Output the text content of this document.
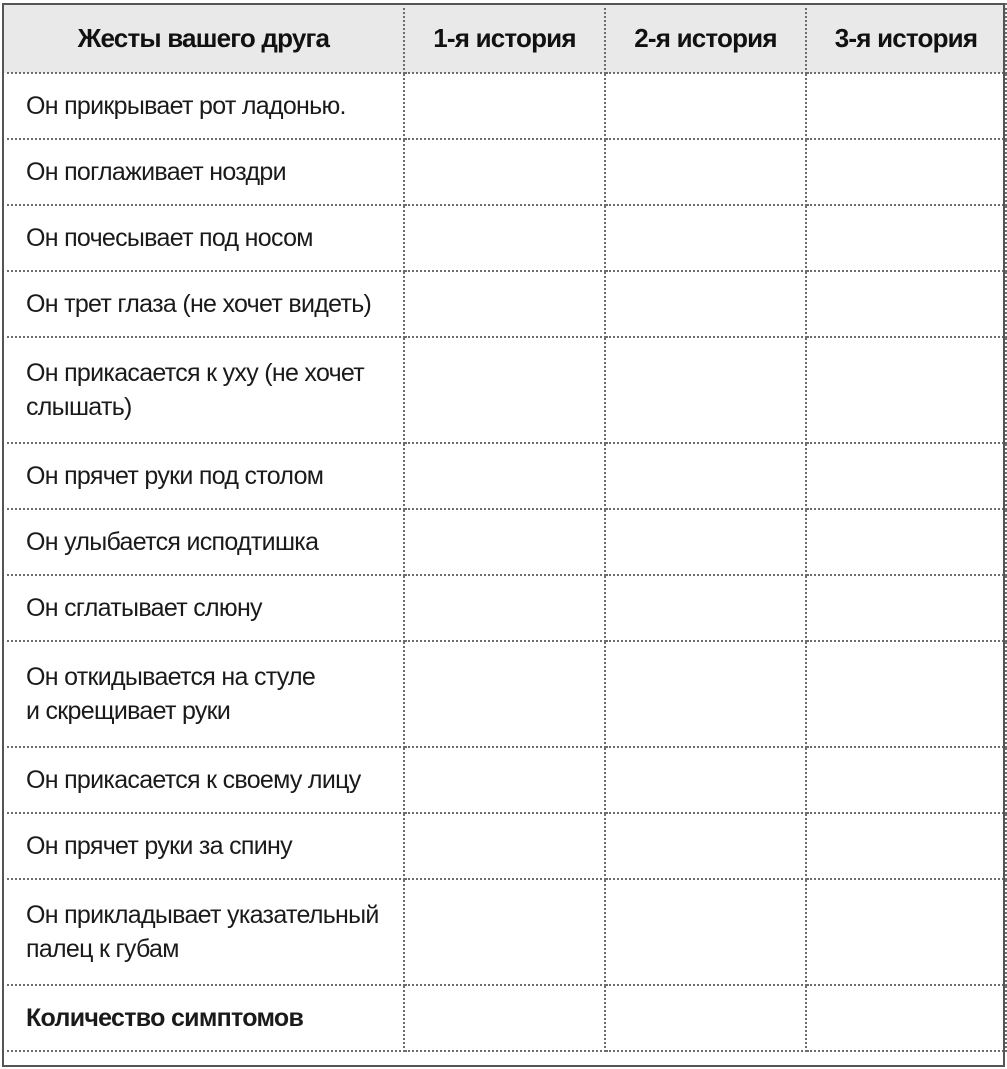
Жесты вашего друга	1-я история	2-я история	3-я история
Он прикрывает рот ладонью.			
Он поглаживает ноздри			
Он почесывает под носом			
Он трет глаза (не хочет видеть)			
Он прикасается к уху (не хочет
слышать)			
Он прячет руки под столом			
Он улыбается исподтишка			
Он сглатывает слюну			
Он откидывается на стуле
и скрещивает руки			
Он прикасается к своему лицу			
Он прячет руки за спину			
Он прикладывает указательный
палец к губам			
Количество симптомов			
